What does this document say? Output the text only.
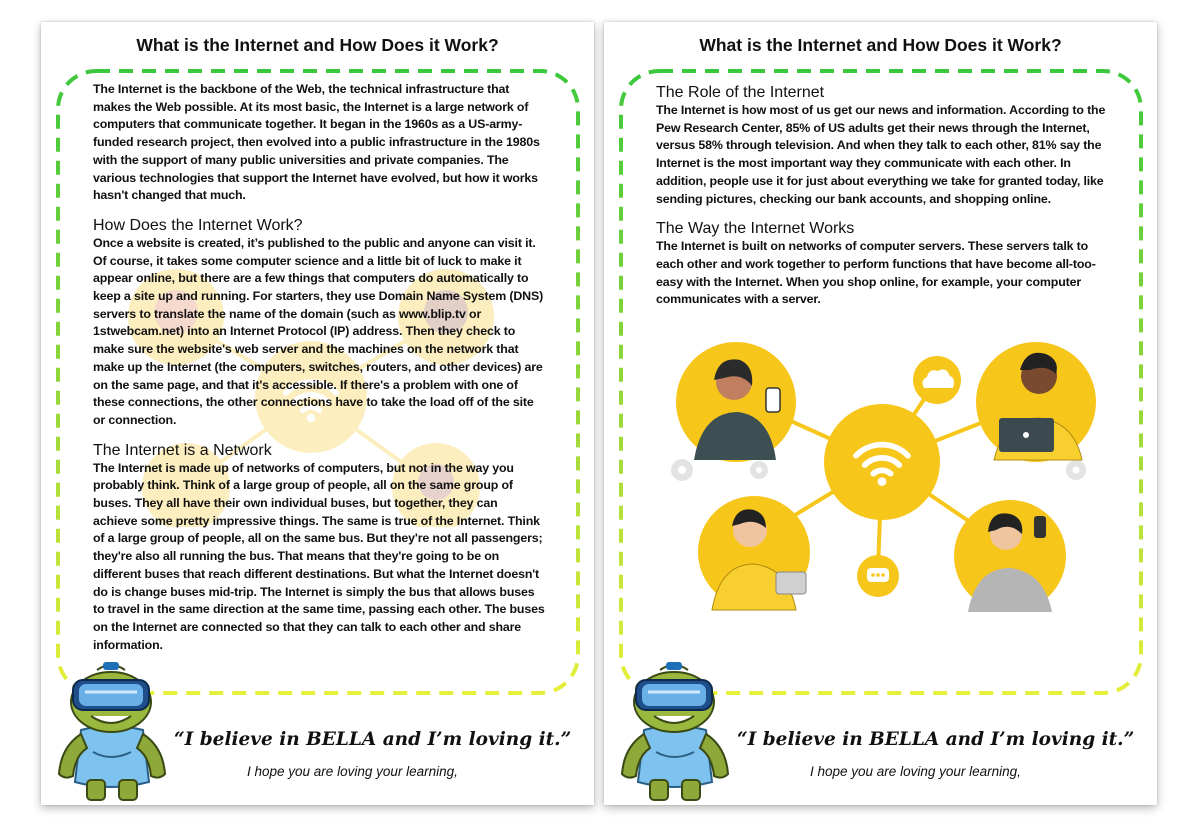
What is the Internet and How Does it Work?

The Internet is the backbone of the Web, the technical infrastructure that makes the Web possible. At its most basic, the Internet is a large network of computers that communicate together. It began in the 1960s as a US-army-funded research project, then evolved into a public infrastructure in the 1980s with the support of many public universities and private companies. The various technologies that support the Internet have evolved, but how it works hasn't changed that much.

How Does the Internet Work?

Once a website is created, it’s published to the public and anyone can visit it. Of course, it takes some computer science and a little bit of luck to make it appear online, but there are a few things that computers do automatically to keep a site up and running. For starters, they use Domain Name System (DNS) servers to translate the name of the domain (such as www.blip.tv or 1stwebcam.net) into an Internet Protocol (IP) address. Then they check to make sure the website's web server and the machines on the network that make up the Internet (the computers, switches, routers, and other devices) are on the same page, and that it's accessible. If there's a problem with one of these connections, the other connections have to take the load off of the site or connection.

The Internet is a Network

The Internet is made up of networks of computers, but not in the way you probably think. Think of a large group of people, all on the same group of buses. They all have their own individual buses, but together, they can achieve some pretty impressive things. The same is true of the Internet. Think of a large group of people, all on the same bus. But they're not all passengers; they're also all running the bus. That means that they're going to be on different buses that reach different destinations. But what the Internet doesn't do is change buses mid-trip. The Internet is simply the bus that allows buses to travel in the same direction at the same time, passing each other. The buses on the Internet are connected so that they can talk to each other and share information.

“I believe in BELLA and I’m loving it.”
I hope you are loving your learning,
What is the Internet and How Does it Work?
The Role of the Internet

The Internet is how most of us get our news and information. According to the Pew Research Center, 85% of US adults get their news through the Internet, versus 58% through television. And when they talk to each other, 81% say the Internet is the most important way they communicate with each other. In addition, people use it for just about everything we take for granted today, like sending pictures, checking our bank accounts, and shopping online.

The Way the Internet Works

The Internet is built on networks of computer servers. These servers talk to each other and work together to perform functions that have become all-too-easy with the Internet. When you shop online, for example, your computer communicates with a server.

“I believe in BELLA and I’m loving it.”
I hope you are loving your learning,
